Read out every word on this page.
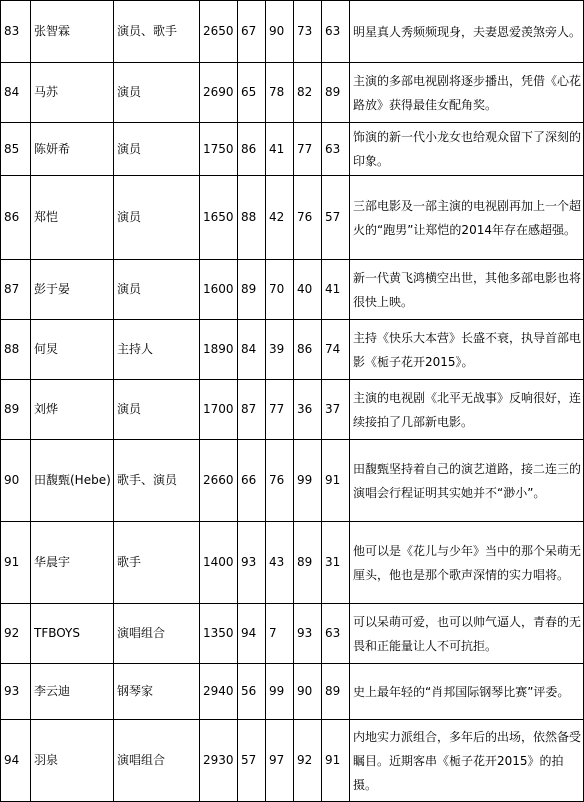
83	张智霖	演员、歌手	2650	67	90	73	63	明星真人秀频频现身，夫妻恩爱羡煞旁人。
84	马苏	演员	2690	65	78	82	89	主演的多部电视剧将逐步播出，凭借《心花路放》获得最佳女配角奖。
85	陈妍希	演员	1750	86	41	77	63	饰演的新一代小龙女也给观众留下了深刻的印象。
86	郑恺	演员	1650	88	42	76	57	三部电影及一部主演的电视剧再加上一个超火的“跑男”让郑恺的2014年存在感超强。
87	彭于晏	演员	1600	89	70	40	41	新一代黄飞鸿横空出世，其他多部电影也将很快上映。
88	何炅	主持人	1890	84	39	86	74	主持《快乐大本营》长盛不衰，执导首部电影《栀子花开2015》。
89	刘烨	演员	1700	87	77	36	37	主演的电视剧《北平无战事》反响很好，连续接拍了几部新电影。
90	田馥甄(Hebe)	歌手、演员	2660	66	76	99	91	田馥甄坚持着自己的演艺道路，接二连三的演唱会行程证明其实她并不“渺小”。
91	华晨宇	歌手	1400	93	43	89	31	他可以是《花儿与少年》当中的那个呆萌无厘头，他也是那个歌声深情的实力唱将。
92	TFBOYS	演唱组合	1350	94	7	93	63	可以呆萌可爱，也可以帅气逼人，青春的无畏和正能量让人不可抗拒。
93	李云迪	钢琴家	2940	56	99	90	89	史上最年轻的“肖邦国际钢琴比赛”评委。
94	羽泉	演唱组合	2930	57	97	92	91	内地实力派组合，多年后的出场，依然备受瞩目。近期客串《栀子花开2015》的拍摄。
